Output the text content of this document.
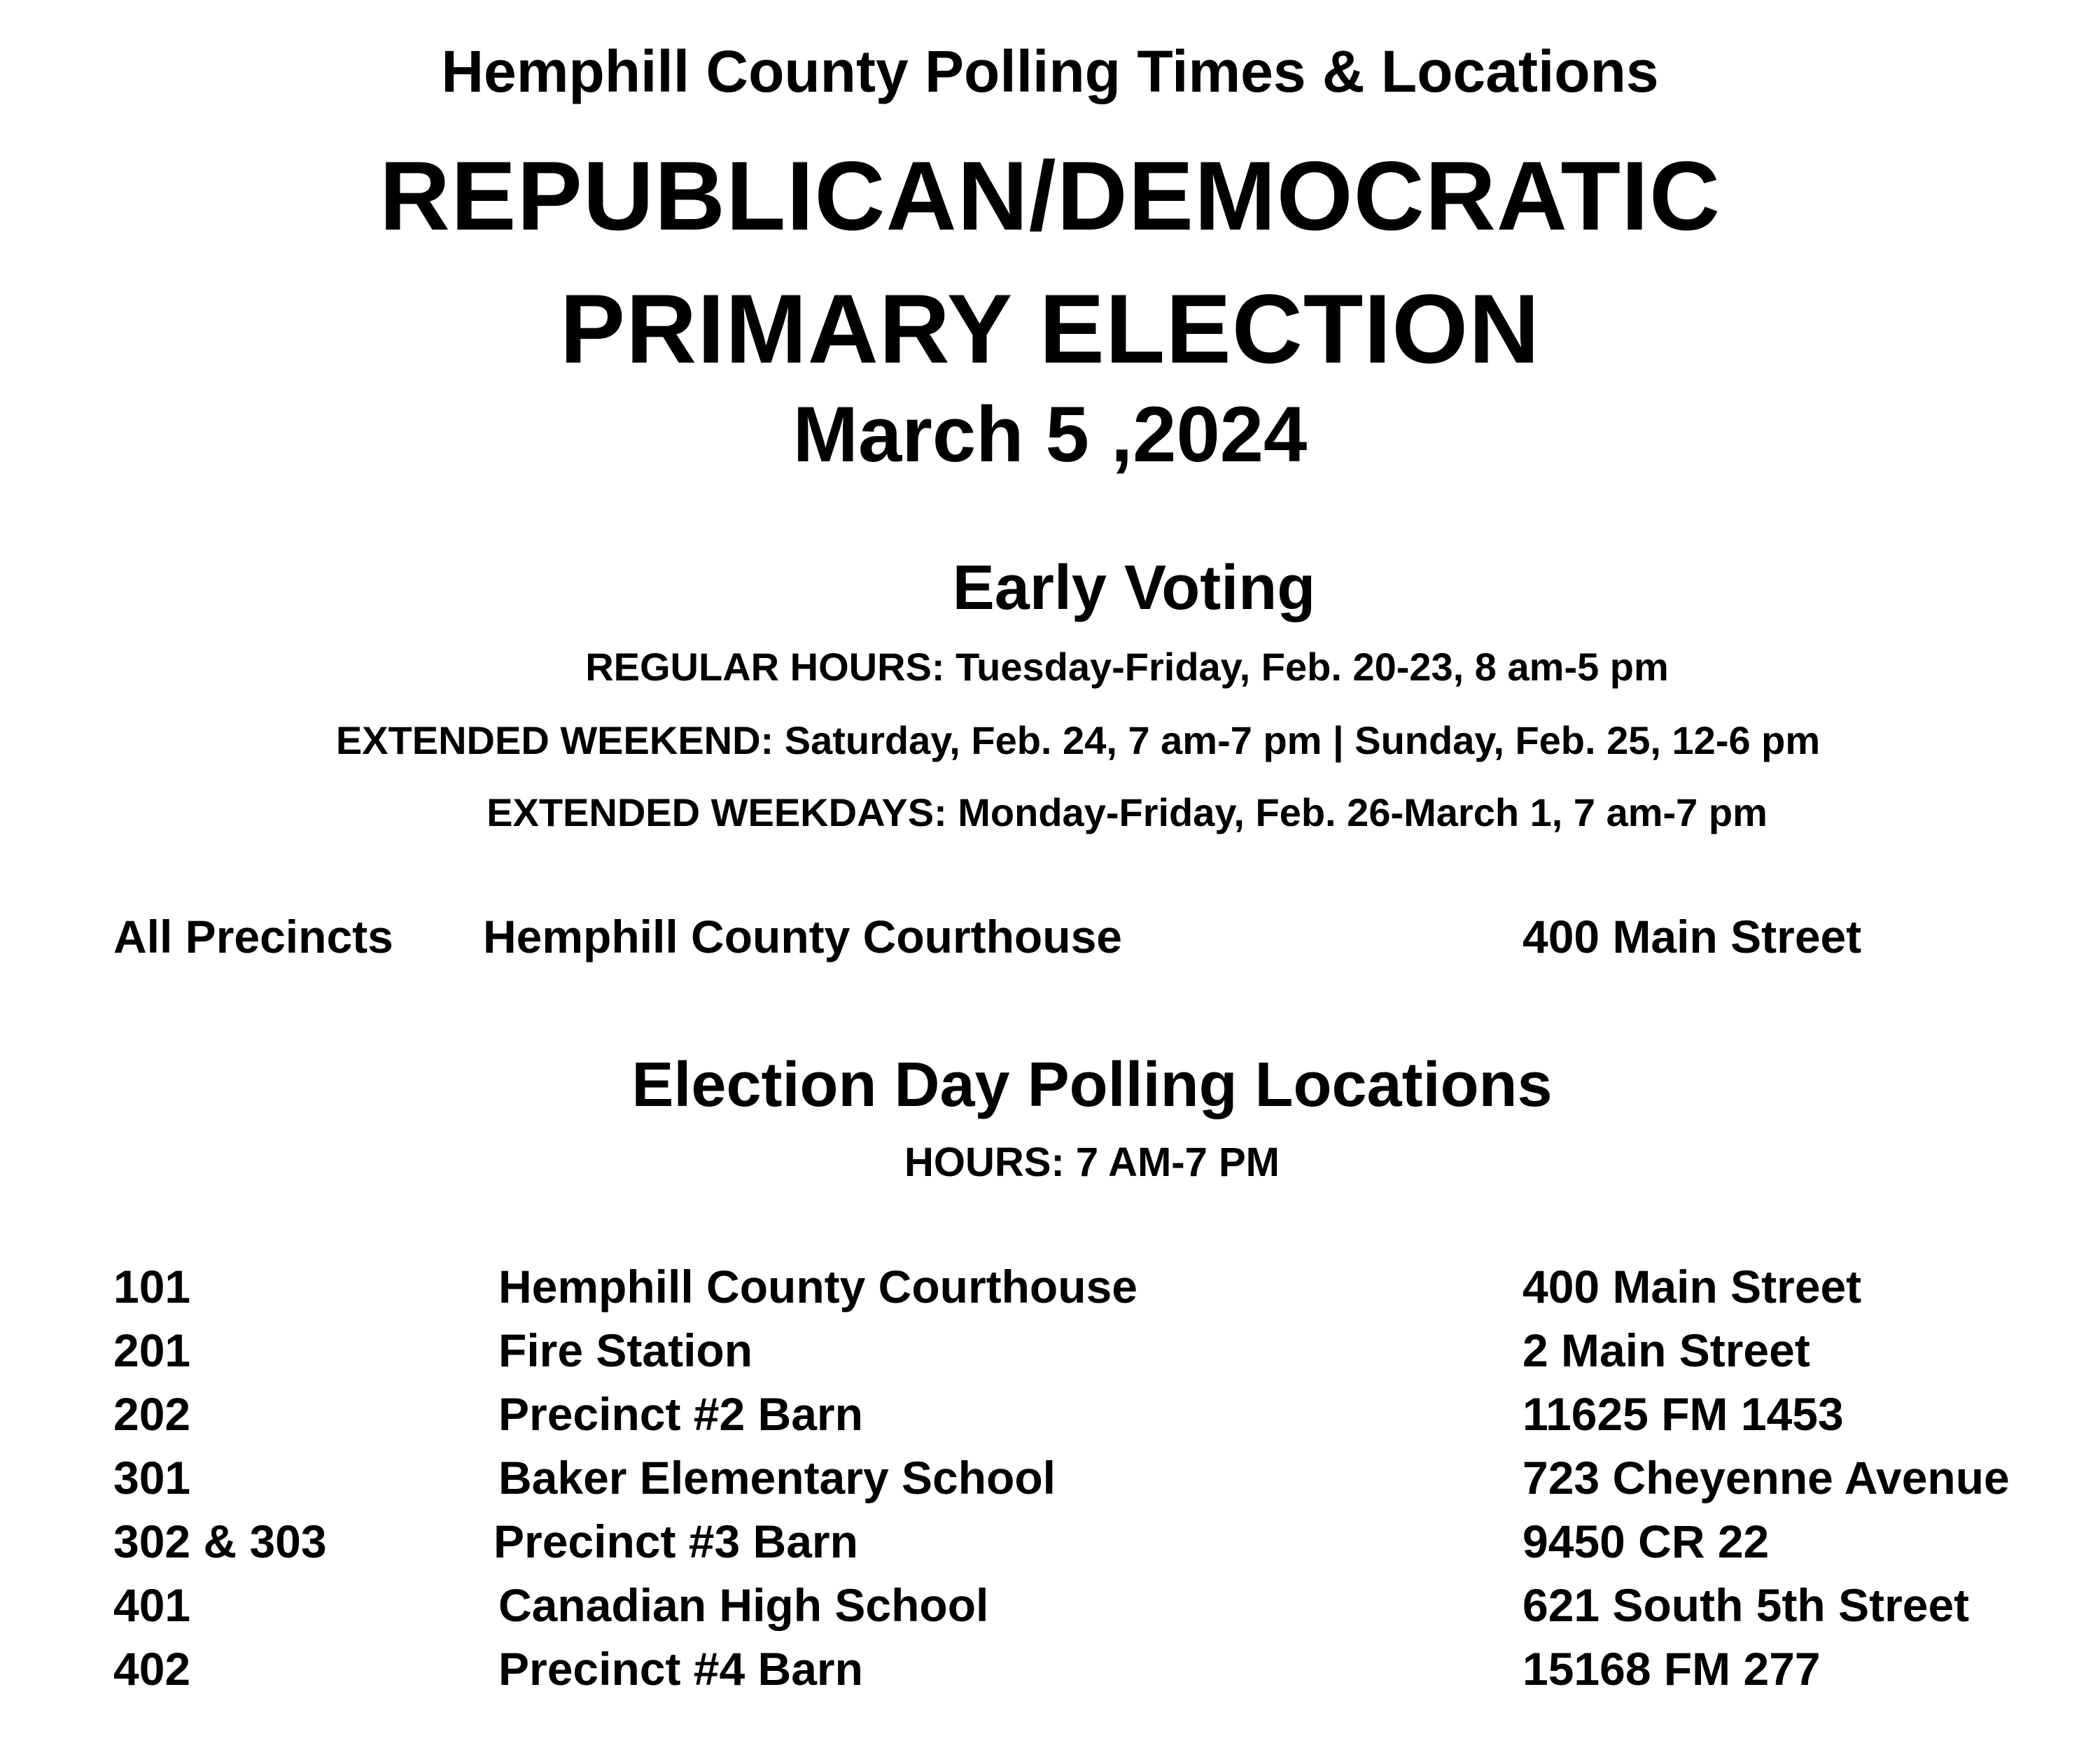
Hemphill County Polling Times & Locations
REPUBLICAN/DEMOCRATIC
PRIMARY ELECTION
March 5 ,2024
Early Voting
REGULAR HOURS: Tuesday-Friday, Feb. 20-23, 8 am-5 pm
EXTENDED WEEKEND: Saturday, Feb. 24, 7 am-7 pm | Sunday, Feb. 25, 12-6 pm
EXTENDED WEEKDAYS: Monday-Friday, Feb. 26-March 1, 7 am-7 pm
All Precincts Hemphill County Courthouse	400 Main Street
Election Day Polling Locations
HOURS: 7 AM-7 PM
101	Hemphill County Courthouse	400 Main Street
201	Fire Station	2 Main Street
202	Precinct #2 Barn	11625 FM 1453
301	Baker Elementary School	723 Cheyenne Avenue
302 & 303	Precinct #3 Barn	9450 CR 22
401	Canadian High School	621 South 5th Street
402	Precinct #4 Barn	15168 FM 277
